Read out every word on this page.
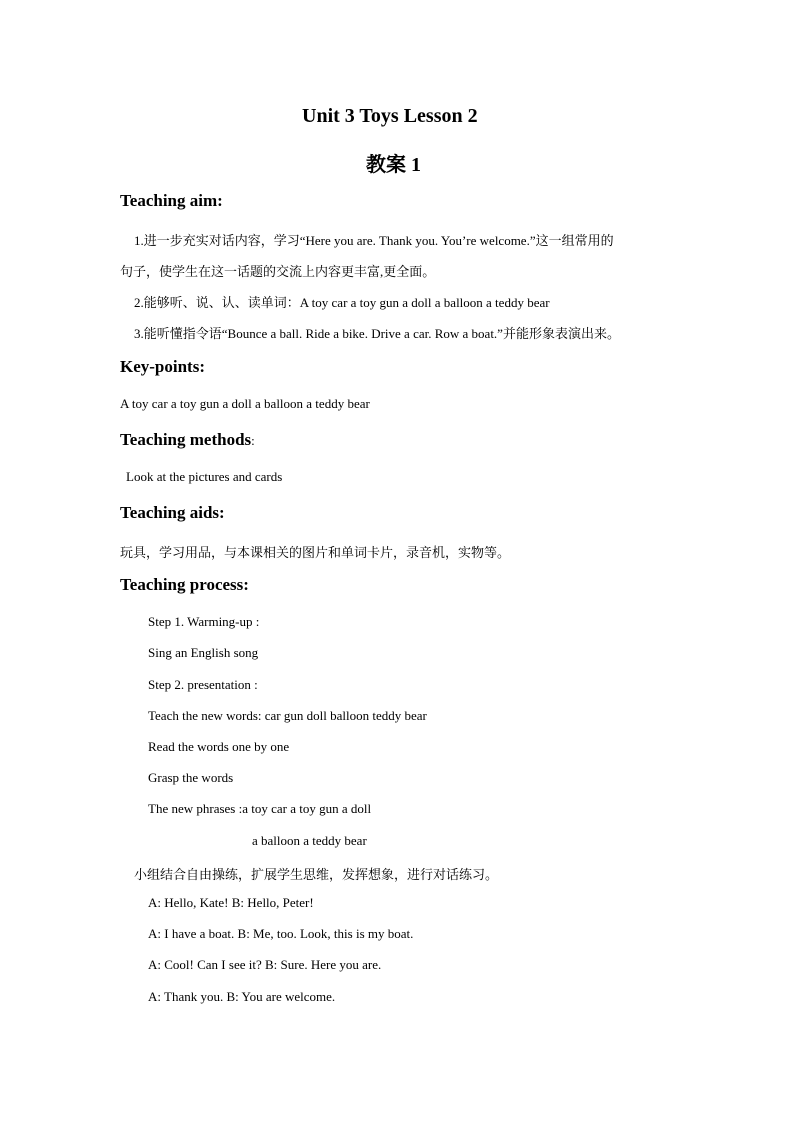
Unit 3 Toys Lesson 2
教案 1
Teaching aim:
1.进一步充实对话内容，学习“Here you are. Thank you. You’re welcome.”这一组常用的
句子，使学生在这一话题的交流上内容更丰富,更全面。
2.能够听、说、认、读单词：A toy car a toy gun a doll a balloon a teddy bear
3.能听懂指令语“Bounce a ball. Ride a bike. Drive a car. Row a boat.”并能形象表演出来。
Key-points:
A toy car a toy gun a doll a balloon a teddy bear
Teaching methods:
Look at the pictures and cards
Teaching aids:
玩具，学习用品，与本课相关的图片和单词卡片，录音机，实物等。
Teaching process:
Step 1. Warming-up :
Sing an English song
Step 2. presentation :
Teach the new words: car gun doll balloon teddy bear
Read the words one by one
Grasp the words
The new phrases :a toy car a toy gun a doll
a balloon a teddy bear
小组结合自由操练，扩展学生思维，发挥想象，进行对话练习。
A: Hello, Kate! B: Hello, Peter!
A: I have a boat. B: Me, too. Look, this is my boat.
A: Cool! Can I see it? B: Sure. Here you are.
A: Thank you. B: You are welcome.
